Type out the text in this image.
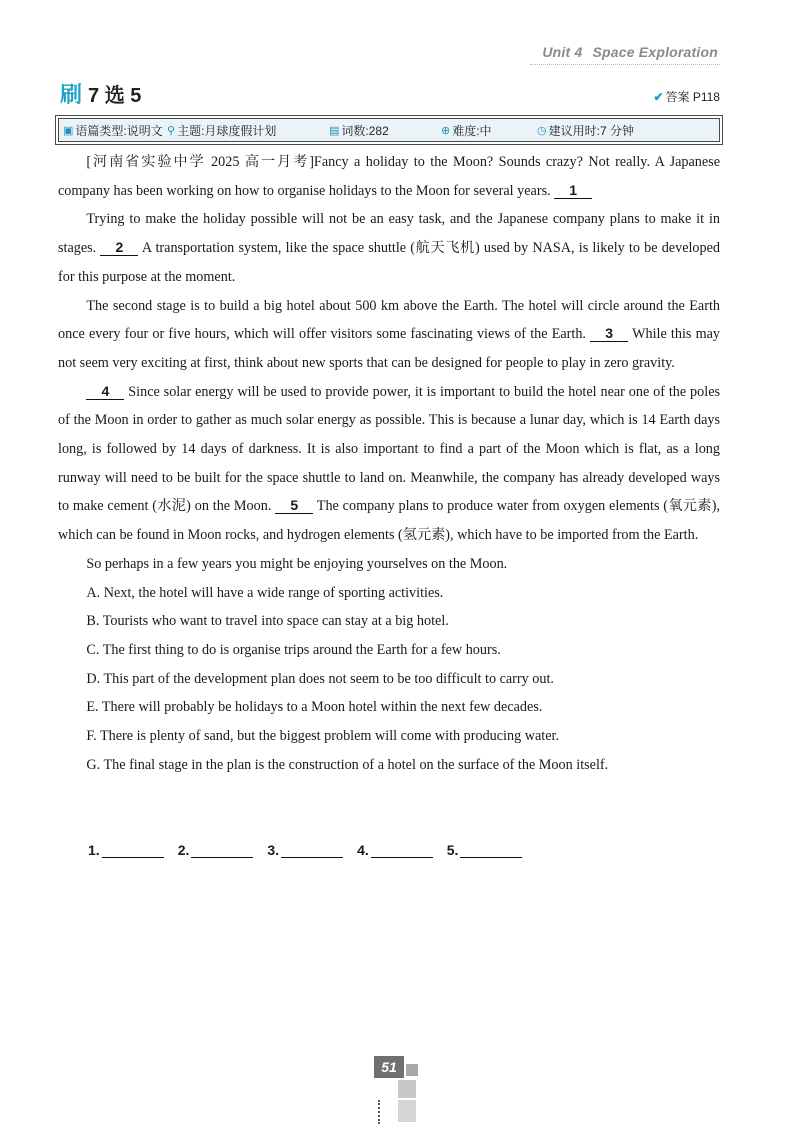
Unit 4 Space Exploration
刷 7 选 5	✔ 答案 P118
▣ 语篇类型:说明文 ⚲ 主题:月球度假计划	▤ 词数:282	⊕ 难度:中	◷ 建议用时:7 分钟

[河南省实验中学 2025 高一月考]Fancy a holiday to the Moon? Sounds crazy? Not really. A Japanese company has been working on how to organise holidays to the Moon for several years. 1

Trying to make the holiday possible will not be an easy task, and the Japanese company plans to make it in stages. 2 A transportation system, like the space shuttle (航天飞机) used by NASA, is likely to be developed for this purpose at the moment.

The second stage is to build a big hotel about 500 km above the Earth. The hotel will circle around the Earth once every four or five hours, which will offer visitors some fascinating views of the Earth. 3 While this may not seem very exciting at first, think about new sports that can be designed for people to play in zero gravity.

4 Since solar energy will be used to provide power, it is important to build the hotel near one of the poles of the Moon in order to gather as much solar energy as possible. This is because a lunar day, which is 14 Earth days long, is followed by 14 days of darkness. It is also important to find a part of the Moon which is flat, as a long runway will need to be built for the space shuttle to land on. Meanwhile, the company has already developed ways to make cement (水泥) on the Moon. 5 The company plans to produce water from oxygen elements (氧元素), which can be found in Moon rocks, and hydrogen elements (氢元素), which have to be imported from the Earth.

So perhaps in a few years you might be enjoying yourselves on the Moon.

A. Next, the hotel will have a wide range of sporting activities.

B. Tourists who want to travel into space can stay at a big hotel.

C. The first thing to do is organise trips around the Earth for a few hours.

D. This part of the development plan does not seem to be too difficult to carry out.

E. There will probably be holidays to a Moon hotel within the next few decades.

F. There is plenty of sand, but the biggest problem will come with producing water.

G. The final stage in the plan is the construction of a hotel on the surface of the Moon itself.

1.	2.	3.	4.	5.
51
